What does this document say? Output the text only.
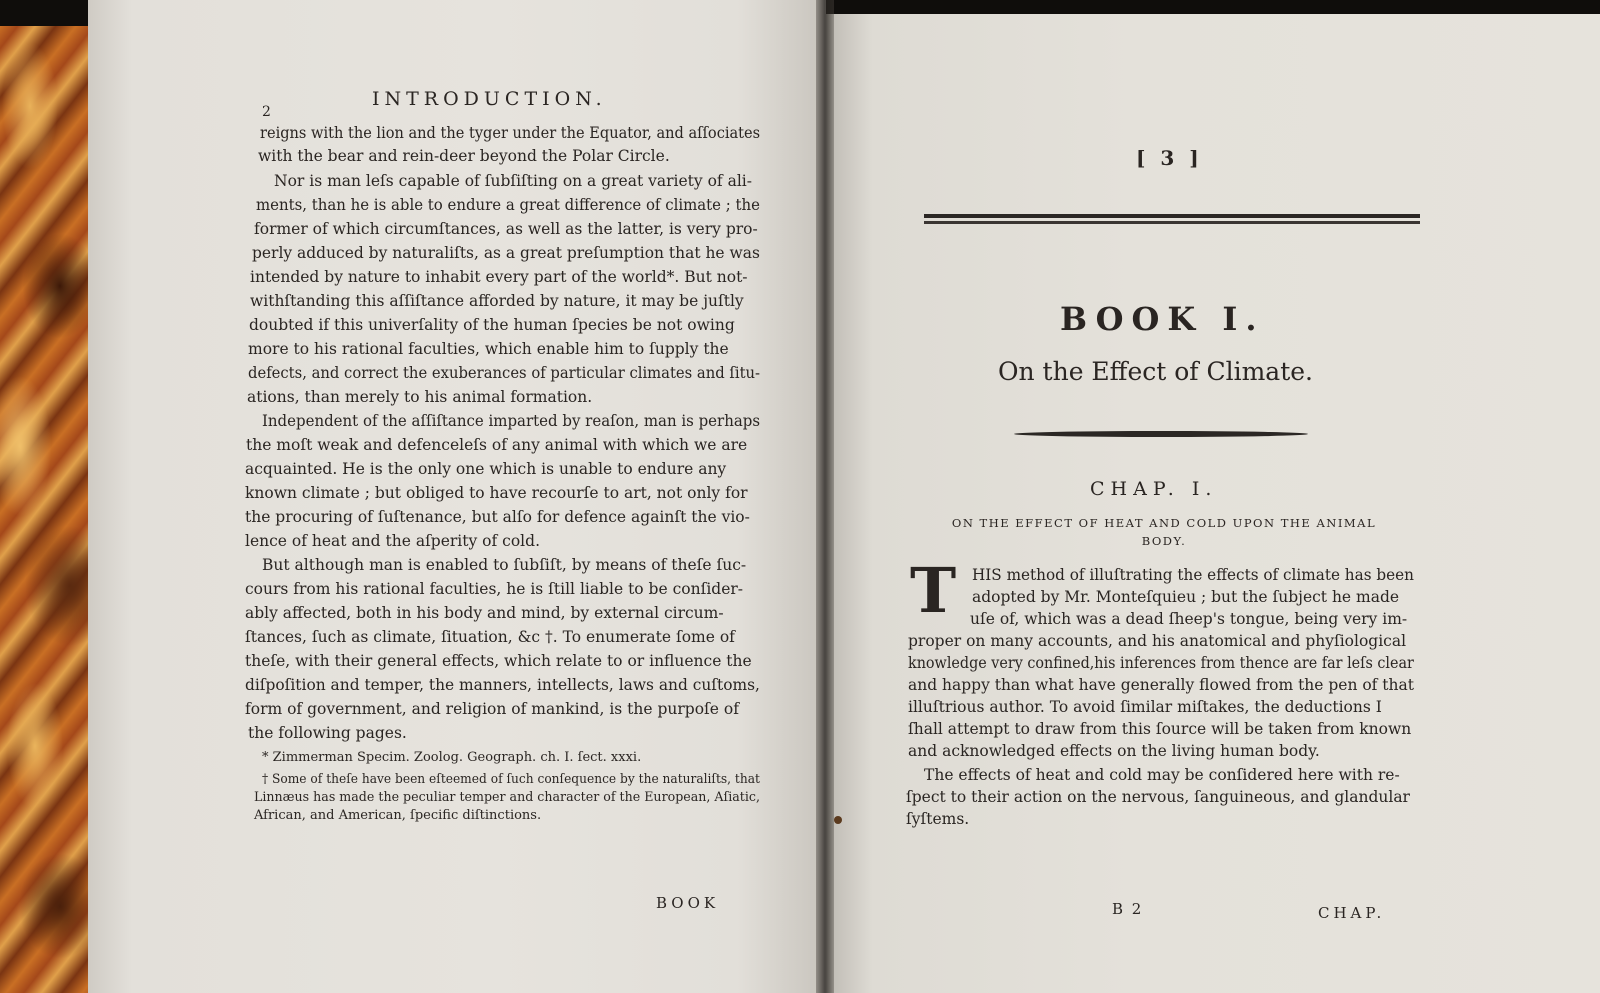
2
INTRODUCTION.
reigns with the lion and the tyger under the Equator, and aſſociates
with the bear and rein-deer beyond the Polar Circle.
Nor is man leſs capable of ſubſiſting on a great variety of ali-
ments, than he is able to endure a great difference of climate ; the
former of which circumſtances, as well as the latter, is very pro-
perly adduced by naturaliſts, as a great preſumption that he was
intended by nature to inhabit every part of the world*. But not-
withſtanding this aſſiſtance afforded by nature, it may be juſtly
doubted if this univerſality of the human ſpecies be not owing
more to his rational faculties, which enable him to ſupply the
defects, and correct the exuberances of particular climates and ſitu-
ations, than merely to his animal formation.
Independent of the aſſiſtance imparted by reaſon, man is perhaps
the moſt weak and defenceleſs of any animal with which we are
acquainted. He is the only one which is unable to endure any
known climate ; but obliged to have recourſe to art, not only for
the procuring of ſuſtenance, but alſo for defence againſt the vio-
lence of heat and the aſperity of cold.
But although man is enabled to ſubſiſt, by means of theſe ſuc-
cours from his rational faculties, he is ſtill liable to be conſider-
ably affected, both in his body and mind, by external circum-
ſtances, ſuch as climate, ſituation, &c †. To enumerate ſome of
theſe, with their general effects, which relate to or influence the
diſpoſition and temper, the manners, intellects, laws and cuſtoms,
form of government, and religion of mankind, is the purpoſe of
the following pages.
* Zimmerman Specim. Zoolog. Geograph. ch. I. ſect. xxxi.
† Some of theſe have been eſteemed of ſuch conſequence by the naturaliſts, that
Linnæus has made the peculiar temper and character of the European, Aſiatic,
African, and American, ſpecific diſtinctions.
BOOK
[ 3 ]
BOOK I.
On the Effect of Climate.
CHAP. I.
ON THE EFFECT OF HEAT AND COLD UPON THE ANIMAL
BODY.
T HIS method of illuſtrating the effects of climate has been
adopted by Mr. Monteſquieu ; but the ſubject he made
uſe of, which was a dead ſheep's tongue, being very im-
proper on many accounts, and his anatomical and phyſiological
knowledge very confined,his inferences from thence are far leſs clear
and happy than what have generally flowed from the pen of that
illuſtrious author. To avoid ſimilar miſtakes, the deductions I
ſhall attempt to draw from this ſource will be taken from known
and acknowledged effects on the living human body.
The effects of heat and cold may be conſidered here with re-
ſpect to their action on the nervous, ſanguineous, and glandular
ſyſtems.
B 2	CHAP.
